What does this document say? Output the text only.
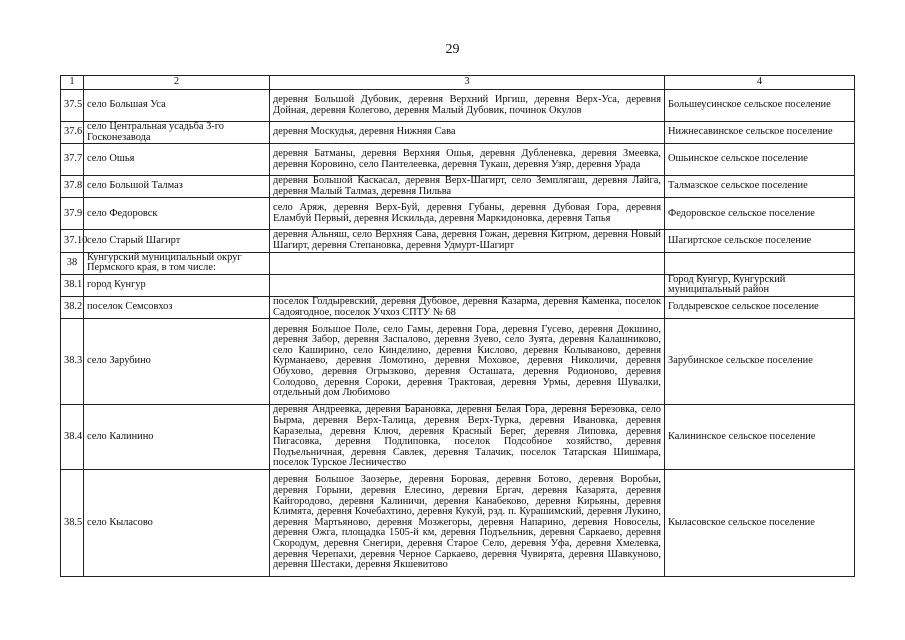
29
1	2	3	4
37.5	село Большая Уса	деревня Большой Дубовик, деревня Верхний Иргиш, деревня Верх-Уса, деревня Дойная, деревня Колегово, деревня Малый Дубовик, починок Окулов	Большеусинское сельское поселение
37.6	село Центральная усадьба 3-го Госконезавода	деревня Москудья, деревня Нижняя Сава	Нижнесавинское сельское поселение
37.7	село Ошья	деревня Батманы, деревня Верхняя Ошья, деревня Дубленевка, деревня Змеевка, деревня Коровино, село Пантелеевка, деревня Тукаш, деревня Узяр, деревня Урада	Ошьинское сельское поселение
37.8	село Большой Талмаз	деревня Большой Каскасал, деревня Верх-Шагирт, село Земплягаш, деревня Лайга, деревня Малый Талмаз, деревня Пильва	Талмазское сельское поселение
37.9	село Федоровск	село Аряж, деревня Верх-Буй, деревня Губаны, деревня Дубовая Гора, деревня Еламбуй Первый, деревня Искильда, деревня Маркидоновка, деревня Тапья	Федоровское сельское поселение
37.10	село Старый Шагирт	деревня Альняш, село Верхняя Сава, деревня Гожан, деревня Китрюм, деревня Новый Шагирт, деревня Степановка, деревня Удмурт-Шагирт	Шагиртское сельское поселение
38	Кунгурский муниципальный округ Пермского края, в том числе:		
38.1	город Кунгур		Город Кунгур, Кунгурский муниципальный район
38.2	поселок Семсовхоз	поселок Голдыревский, деревня Дубовое, деревня Казарма, деревня Каменка, поселок Садоягодное, поселок Учхоз СПТУ № 68	Голдыревское сельское поселение
38.3	село Зарубино	деревня Большое Поле, село Гамы, деревня Гора, деревня Гусево, деревня Докшино, деревня Забор, деревня Заспалово, деревня Зуево, село Зуята, деревня Калашниково, село Каширино, село Кинделино, деревня Кислово, деревня Колываново, деревня Курманаево, деревня Ломотино, деревня Моховое, деревня Николичи, деревня Обухово, деревня Огрызково, деревня Осташата, деревня Родионово, деревня Солодово, деревня Сороки, деревня Трактовая, деревня Урмы, деревня Шувалки, отдельный дом Любимово	Зарубинское сельское поселение
38.4	село Калинино	деревня Андреевка, деревня Барановка, деревня Белая Гора, деревня Березовка, село Бырма, деревня Верх-Талица, деревня Верх-Турка, деревня Ивановка, деревня Каразелыа, деревня Ключ, деревня Красный Берег, деревня Липовка, деревня Пигасовка, деревня Подлиповка, поселок Подсобное хозяйство, деревня Подъельничная, деревня Савлек, деревня Талачик, поселок Татарская Шишмара, поселок Турское Лесничество	Калининское сельское поселение
38.5	село Кыласово	деревня Большое Заозерье, деревня Боровая, деревня Ботово, деревня Воробьи, деревня Горыни, деревня Елесино, деревня Ергач, деревня Казарята, деревня Кайгородово, деревня Калиничи, деревня Канабеково, деревня Кирьяны, деревня Климята, деревня Кочебахтино, деревня Кукуй, рзд. п. Курашимский, деревня Лукино, деревня Мартьяново, деревня Мозжегоры, деревня Напарино, деревня Новоселы, деревня Ожга, площадка 1505-й км, деревня Подъельник, деревня Саркаево, деревня Скородум, деревня Снегири, деревня Старое Село, деревня Уфа, деревня Хмелевка, деревня Черепахи, деревня Черное Саркаево, деревня Чувирята, деревня Шавкуново, деревня Шестаки, деревня Якшевитово	Кыласовское сельское поселение
